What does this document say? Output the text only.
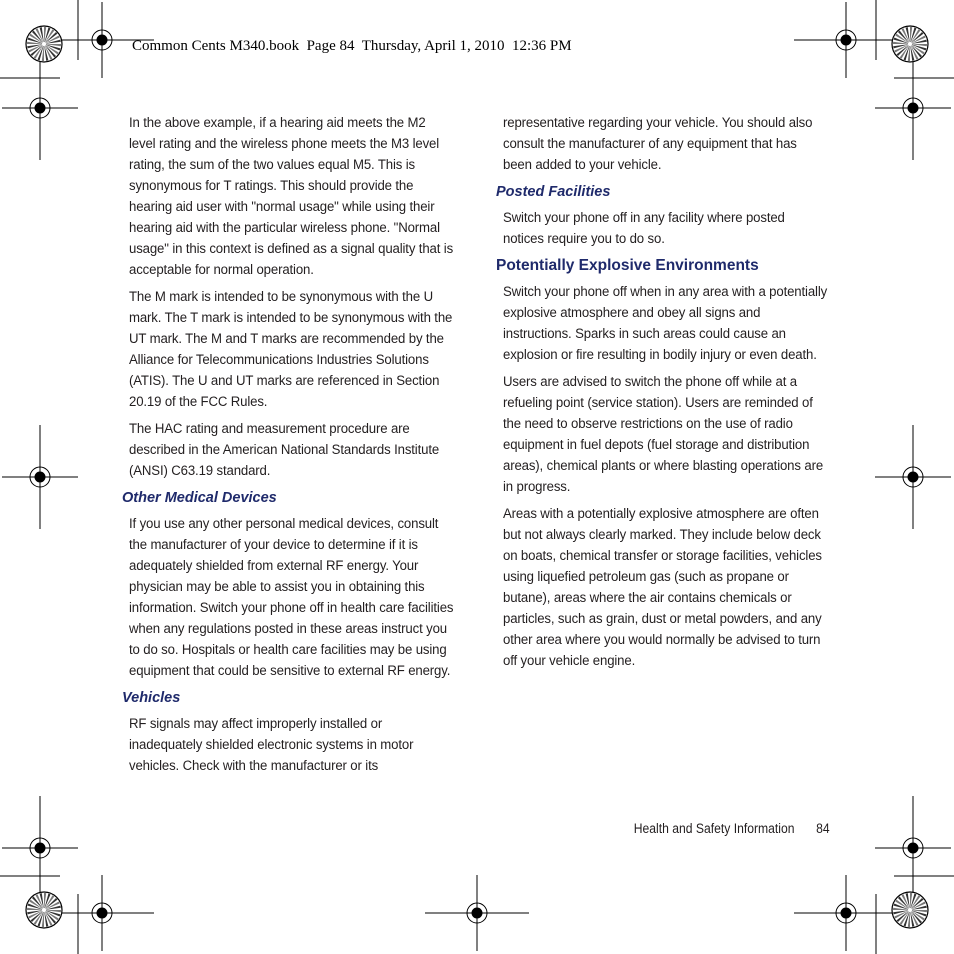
Common Cents M340.book  Page 84  Thursday, April 1, 2010  12:36 PM

In the above example, if a hearing aid meets the M2 level rating and the wireless phone meets the M3 level rating, the sum of the two values equal M5. This is synonymous for T ratings. This should provide the hearing aid user with "normal usage" while using their hearing aid with the particular wireless phone. "Normal usage" in this context is defined as a signal quality that is acceptable for normal operation.

The M mark is intended to be synonymous with the U mark. The T mark is intended to be synonymous with the UT mark. The M and T marks are recommended by the Alliance for Telecommunications Industries Solutions (ATIS). The U and UT marks are referenced in Section 20.19 of the FCC Rules.

The HAC rating and measurement procedure are described in the American National Standards Institute (ANSI) C63.19 standard.

Other Medical Devices

If you use any other personal medical devices, consult the manufacturer of your device to determine if it is adequately shielded from external RF energy. Your physician may be able to assist you in obtaining this information. Switch your phone off in health care facilities when any regulations posted in these areas instruct you to do so. Hospitals or health care facilities may be using equipment that could be sensitive to external RF energy.

Vehicles

RF signals may affect improperly installed or inadequately shielded electronic systems in motor vehicles. Check with the manufacturer or its

representative regarding your vehicle. You should also consult the manufacturer of any equipment that has been added to your vehicle.

Posted Facilities

Switch your phone off in any facility where posted notices require you to do so.

Potentially Explosive Environments

Switch your phone off when in any area with a potentially explosive atmosphere and obey all signs and instructions. Sparks in such areas could cause an explosion or fire resulting in bodily injury or even death.

Users are advised to switch the phone off while at a refueling point (service station). Users are reminded of the need to observe restrictions on the use of radio equipment in fuel depots (fuel storage and distribution areas), chemical plants or where blasting operations are in progress.

Areas with a potentially explosive atmosphere are often but not always clearly marked. They include below deck on boats, chemical transfer or storage facilities, vehicles using liquefied petroleum gas (such as propane or butane), areas where the air contains chemicals or particles, such as grain, dust or metal powders, and any other area where you would normally be advised to turn off your vehicle engine.

Health and Safety Information 84
